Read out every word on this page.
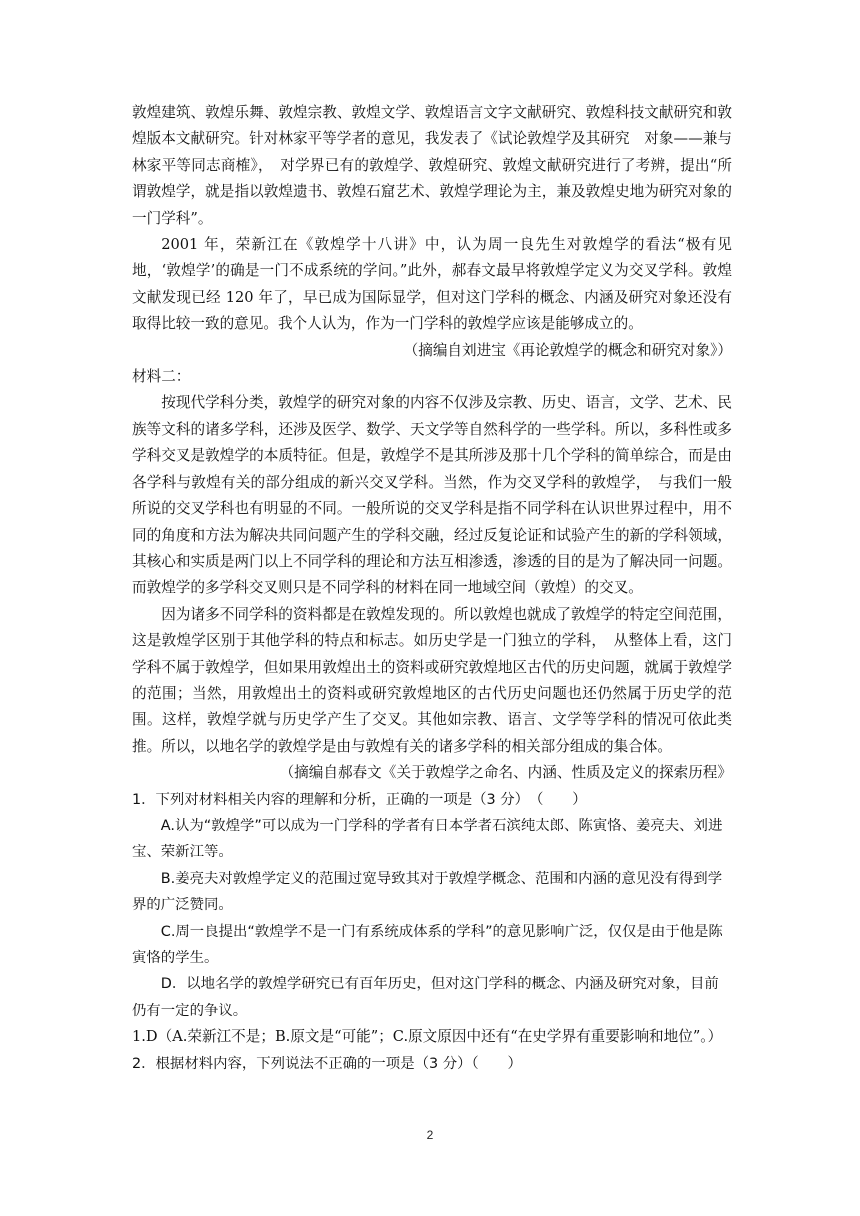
敦煌建筑、敦煌乐舞、敦煌宗教、敦煌文学、敦煌语言文字文献研究、敦煌科技文献研究和敦煌版本文献研究。针对林家平等学者的意见，我发表了《试论敦煌学及其研究　对象——兼与林家平等同志商榷》，　对学界已有的敦煌学、敦煌研究、敦煌文献研究进行了考辨，提出“所谓敦煌学，就是指以敦煌遗书、敦煌石窟艺术、敦煌学理论为主，兼及敦煌史地为研究对象的一门学科”。

2001 年，荣新江在《敦煌学十八讲》中，认为周一良先生对敦煌学的看法“极有见地，‘敦煌学’的确是一门不成系统的学问。”此外，郝春文最早将敦煌学定义为交叉学科。敦煌文献发现已经 120 年了，早已成为国际显学，但对这门学科的概念、内涵及研究对象还没有取得比较一致的意见。我个人认为，作为一门学科的敦煌学应该是能够成立的。

（摘编自刘进宝《再论敦煌学的概念和研究对象》）

材料二：

按现代学科分类，敦煌学的研究对象的内容不仅涉及宗教、历史、语言，文学、艺术、民族等文科的诸多学科，还涉及医学、数学、天文学等自然科学的一些学科。所以，多科性或多学科交叉是敦煌学的本质特征。但是，敦煌学不是其所涉及那十几个学科的简单综合，而是由各学科与敦煌有关的部分组成的新兴交叉学科。当然，作为交叉学科的敦煌学，　与我们一般所说的交叉学科也有明显的不同。一般所说的交叉学科是指不同学科在认识世界过程中，用不同的角度和方法为解决共同问题产生的学科交融，经过反复论证和试验产生的新的学科领域，其核心和实质是两门以上不同学科的理论和方法互相渗透，渗透的目的是为了解决同一问题。而敦煌学的多学科交叉则只是不同学科的材料在同一地域空间（敦煌）的交叉。

因为诸多不同学科的资料都是在敦煌发现的。所以敦煌也就成了敦煌学的特定空间范围，这是敦煌学区别于其他学科的特点和标志。如历史学是一门独立的学科，　从整体上看，这门学科不属于敦煌学，但如果用敦煌出土的资料或研究敦煌地区古代的历史问题，就属于敦煌学的范围；当然，用敦煌出土的资料或研究敦煌地区的古代历史问题也还仍然属于历史学的范围。这样，敦煌学就与历史学产生了交叉。其他如宗教、语言、文学等学科的情况可依此类推。所以，以地名学的敦煌学是由与敦煌有关的诸多学科的相关部分组成的集合体。

（摘编自郝春文《关于敦煌学之命名、内涵、性质及定义的探索历程》

1．下列对材料相关内容的理解和分析，正确的一项是（3 分）　（　　）

A.认为“敦煌学”可以成为一门学科的学者有日本学者石滨纯太郎、陈寅恪、姜亮夫、刘进宝、荣新江等。

B.姜亮夫对敦煌学定义的范围过宽导致其对于敦煌学概念、范围和内涵的意见没有得到学界的广泛赞同。

C.周一良提出“敦煌学不是一门有系统成体系的学科”的意见影响广泛，仅仅是由于他是陈寅恪的学生。

D．以地名学的敦煌学研究已有百年历史，但对这门学科的概念、内涵及研究对象，目前仍有一定的争议。

1.D（A.荣新江不是；B.原文是“可能”；C.原文原因中还有“在史学界有重要影响和地位”。）

2．根据材料内容，下列说法不正确的一项是（3 分）（　　）

2
